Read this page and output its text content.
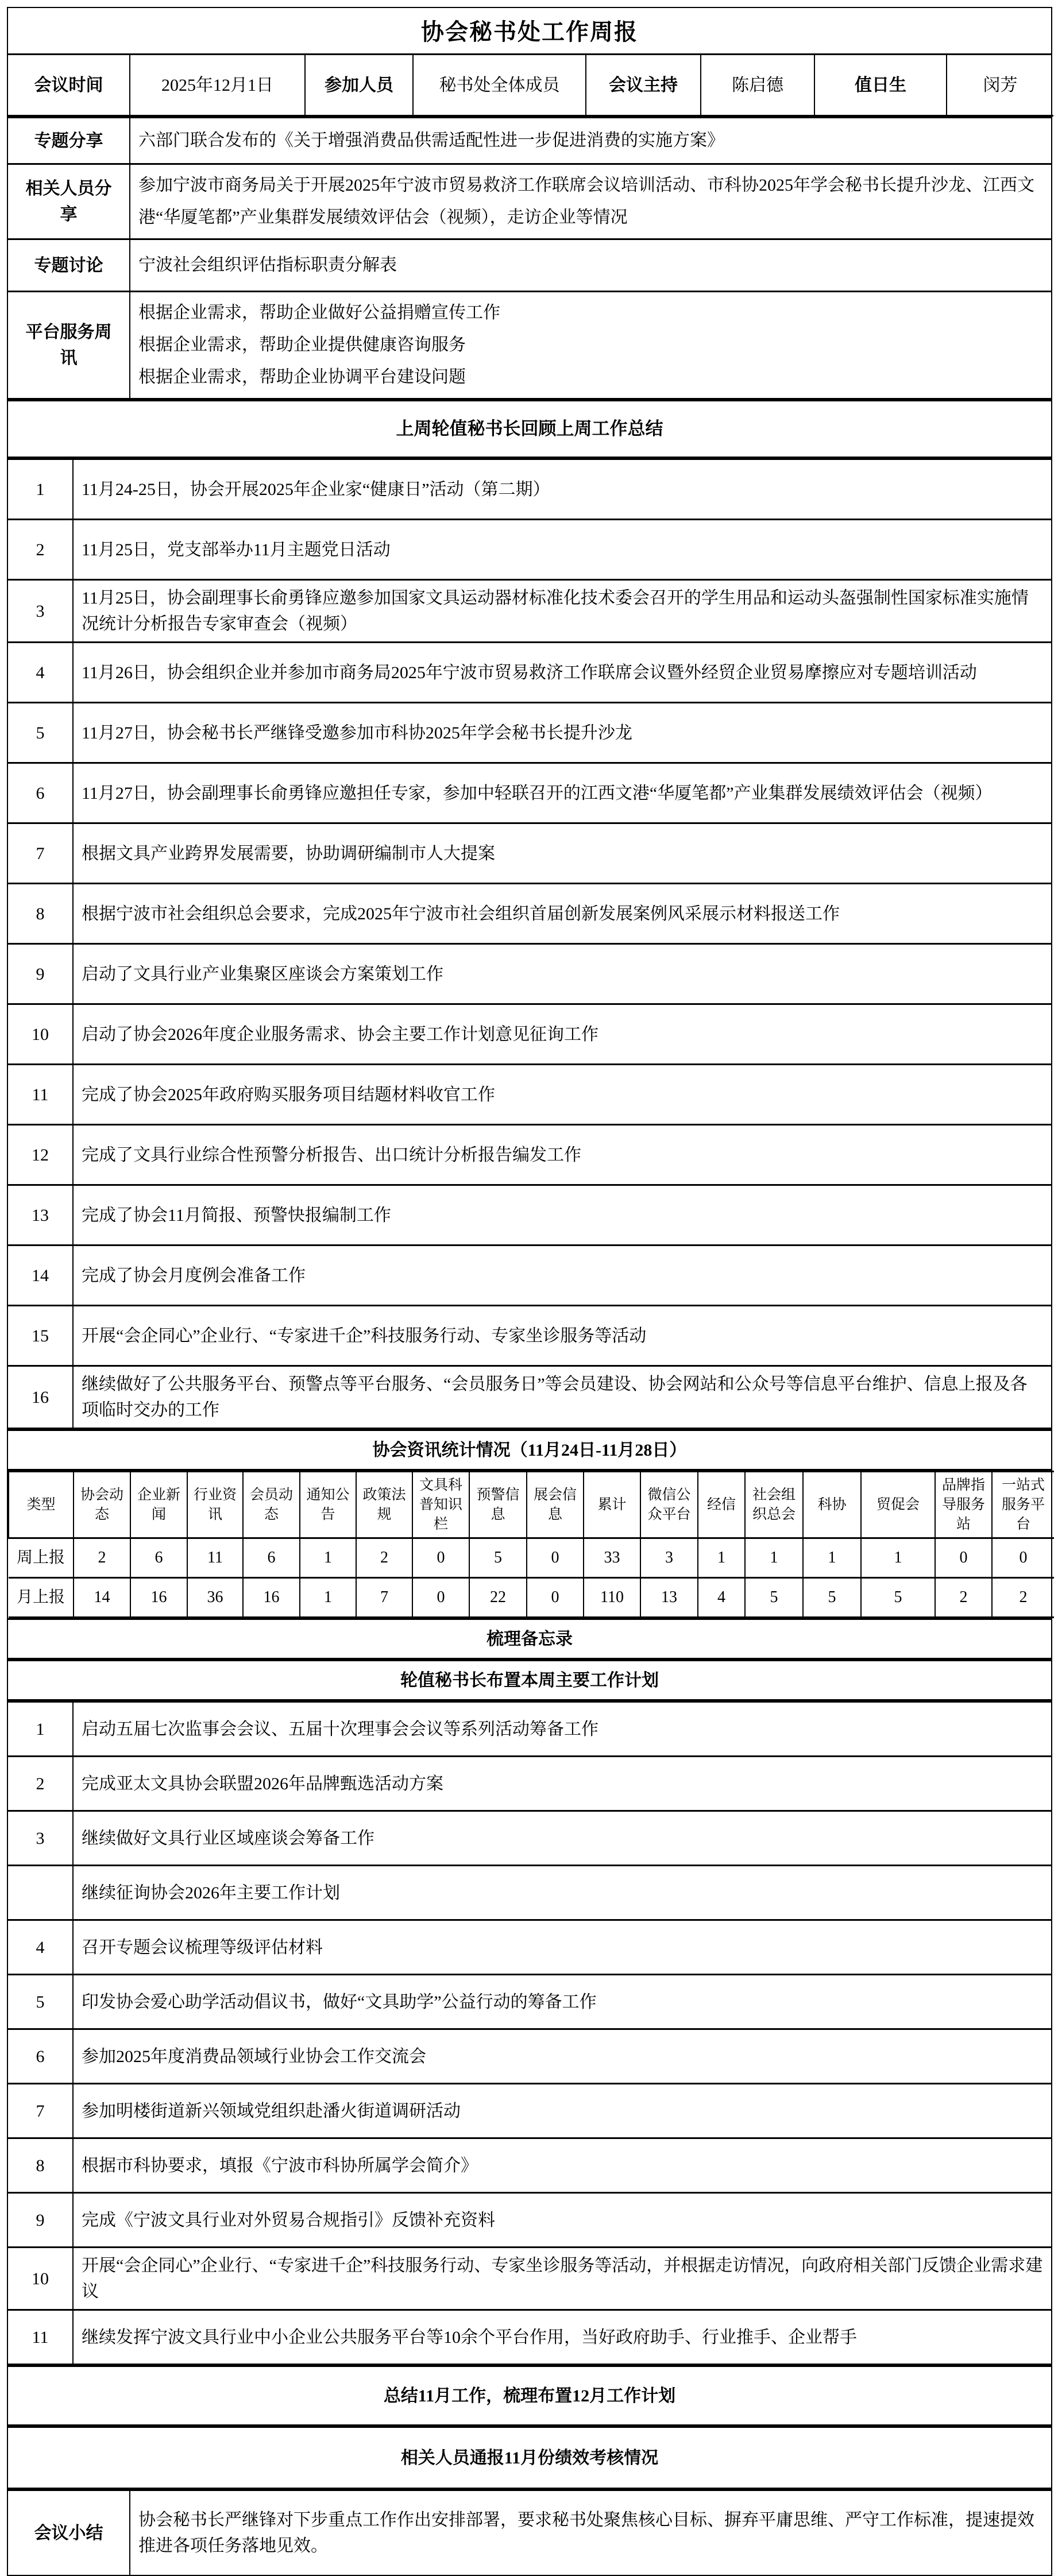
协会秘书处工作周报
会议时间	2025年12月1日	参加人员	秘书处全体成员	会议主持	陈启德	值日生	闵芳
专题分享	六部门联合发布的《关于增强消费品供需适配性进一步促进消费的实施方案》

相关人员分享	参加宁波市商务局关于开展2025年宁波市贸易救济工作联席会议培训活动、市科协2025年学会秘书长提升沙龙、江西文港“华厦笔都”产业集群发展绩效评估会（视频），走访企业等情况

专题讨论	宁波社会组织评估指标职责分解表

平台服务周讯	根据企业需求，帮助企业做好公益捐赠宣传工作
根据企业需求，帮助企业提供健康咨询服务
根据企业需求，帮助企业协调平台建设问题
上周轮值秘书长回顾上周工作总结
1	11月24-25日，协会开展2025年企业家“健康日”活动（第二期）
2	11月25日，党支部举办11月主题党日活动
3	11月25日，协会副理事长俞勇锋应邀参加国家文具运动器材标准化技术委会召开的学生用品和运动头盔强制性国家标准实施情况统计分析报告专家审查会（视频）
4	11月26日，协会组织企业并参加市商务局2025年宁波市贸易救济工作联席会议暨外经贸企业贸易摩擦应对专题培训活动
5	11月27日，协会秘书长严继锋受邀参加市科协2025年学会秘书长提升沙龙
6	11月27日，协会副理事长俞勇锋应邀担任专家，参加中轻联召开的江西文港“华厦笔都”产业集群发展绩效评估会（视频）
7	根据文具产业跨界发展需要，协助调研编制市人大提案
8	根据宁波市社会组织总会要求，完成2025年宁波市社会组织首届创新发展案例风采展示材料报送工作
9	启动了文具行业产业集聚区座谈会方案策划工作
10	启动了协会2026年度企业服务需求、协会主要工作计划意见征询工作
11	完成了协会2025年政府购买服务项目结题材料收官工作
12	完成了文具行业综合性预警分析报告、出口统计分析报告编发工作
13	完成了协会11月简报、预警快报编制工作
14	完成了协会月度例会准备工作
15	开展“会企同心”企业行、“专家进千企”科技服务行动、专家坐诊服务等活动
16	继续做好了公共服务平台、预警点等平台服务、“会员服务日”等会员建设、协会网站和公众号等信息平台维护、信息上报及各项临时交办的工作
协会资讯统计情况（11月24日-11月28日）
类型	协会动态	企业新闻	行业资讯	会员动态	通知公告	政策法规	文具科普知识栏	预警信息	展会信息	累计	微信公众平台	经信	社会组织总会	科协	贸促会	品牌指导服务站	一站式服务平台
周上报	2	6	11	6	1	2	0	5	0	33	3	1	1	1	1	0	0
月上报	14	16	36	16	1	7	0	22	0	110	13	4	5	5	5	2	2
梳理备忘录
轮值秘书长布置本周主要工作计划
1	启动五届七次监事会会议、五届十次理事会会议等系列活动筹备工作
2	完成亚太文具协会联盟2026年品牌甄选活动方案
3	继续做好文具行业区域座谈会筹备工作
	继续征询协会2026年主要工作计划
4	召开专题会议梳理等级评估材料
5	印发协会爱心助学活动倡议书，做好“文具助学”公益行动的筹备工作
6	参加2025年度消费品领域行业协会工作交流会
7	参加明楼街道新兴领域党组织赴潘火街道调研活动
8	根据市科协要求，填报《宁波市科协所属学会简介》
9	完成《宁波文具行业对外贸易合规指引》反馈补充资料
10	开展“会企同心”企业行、“专家进千企”科技服务行动、专家坐诊服务等活动，并根据走访情况，向政府相关部门反馈企业需求建议
11	继续发挥宁波文具行业中小企业公共服务平台等10余个平台作用，当好政府助手、行业推手、企业帮手
总结11月工作，梳理布置12月工作计划
相关人员通报11月份绩效考核情况
会议小结	协会秘书长严继锋对下步重点工作作出安排部署，要求秘书处聚焦核心目标、摒弃平庸思维、严守工作标准，提速提效推进各项任务落地见效。
